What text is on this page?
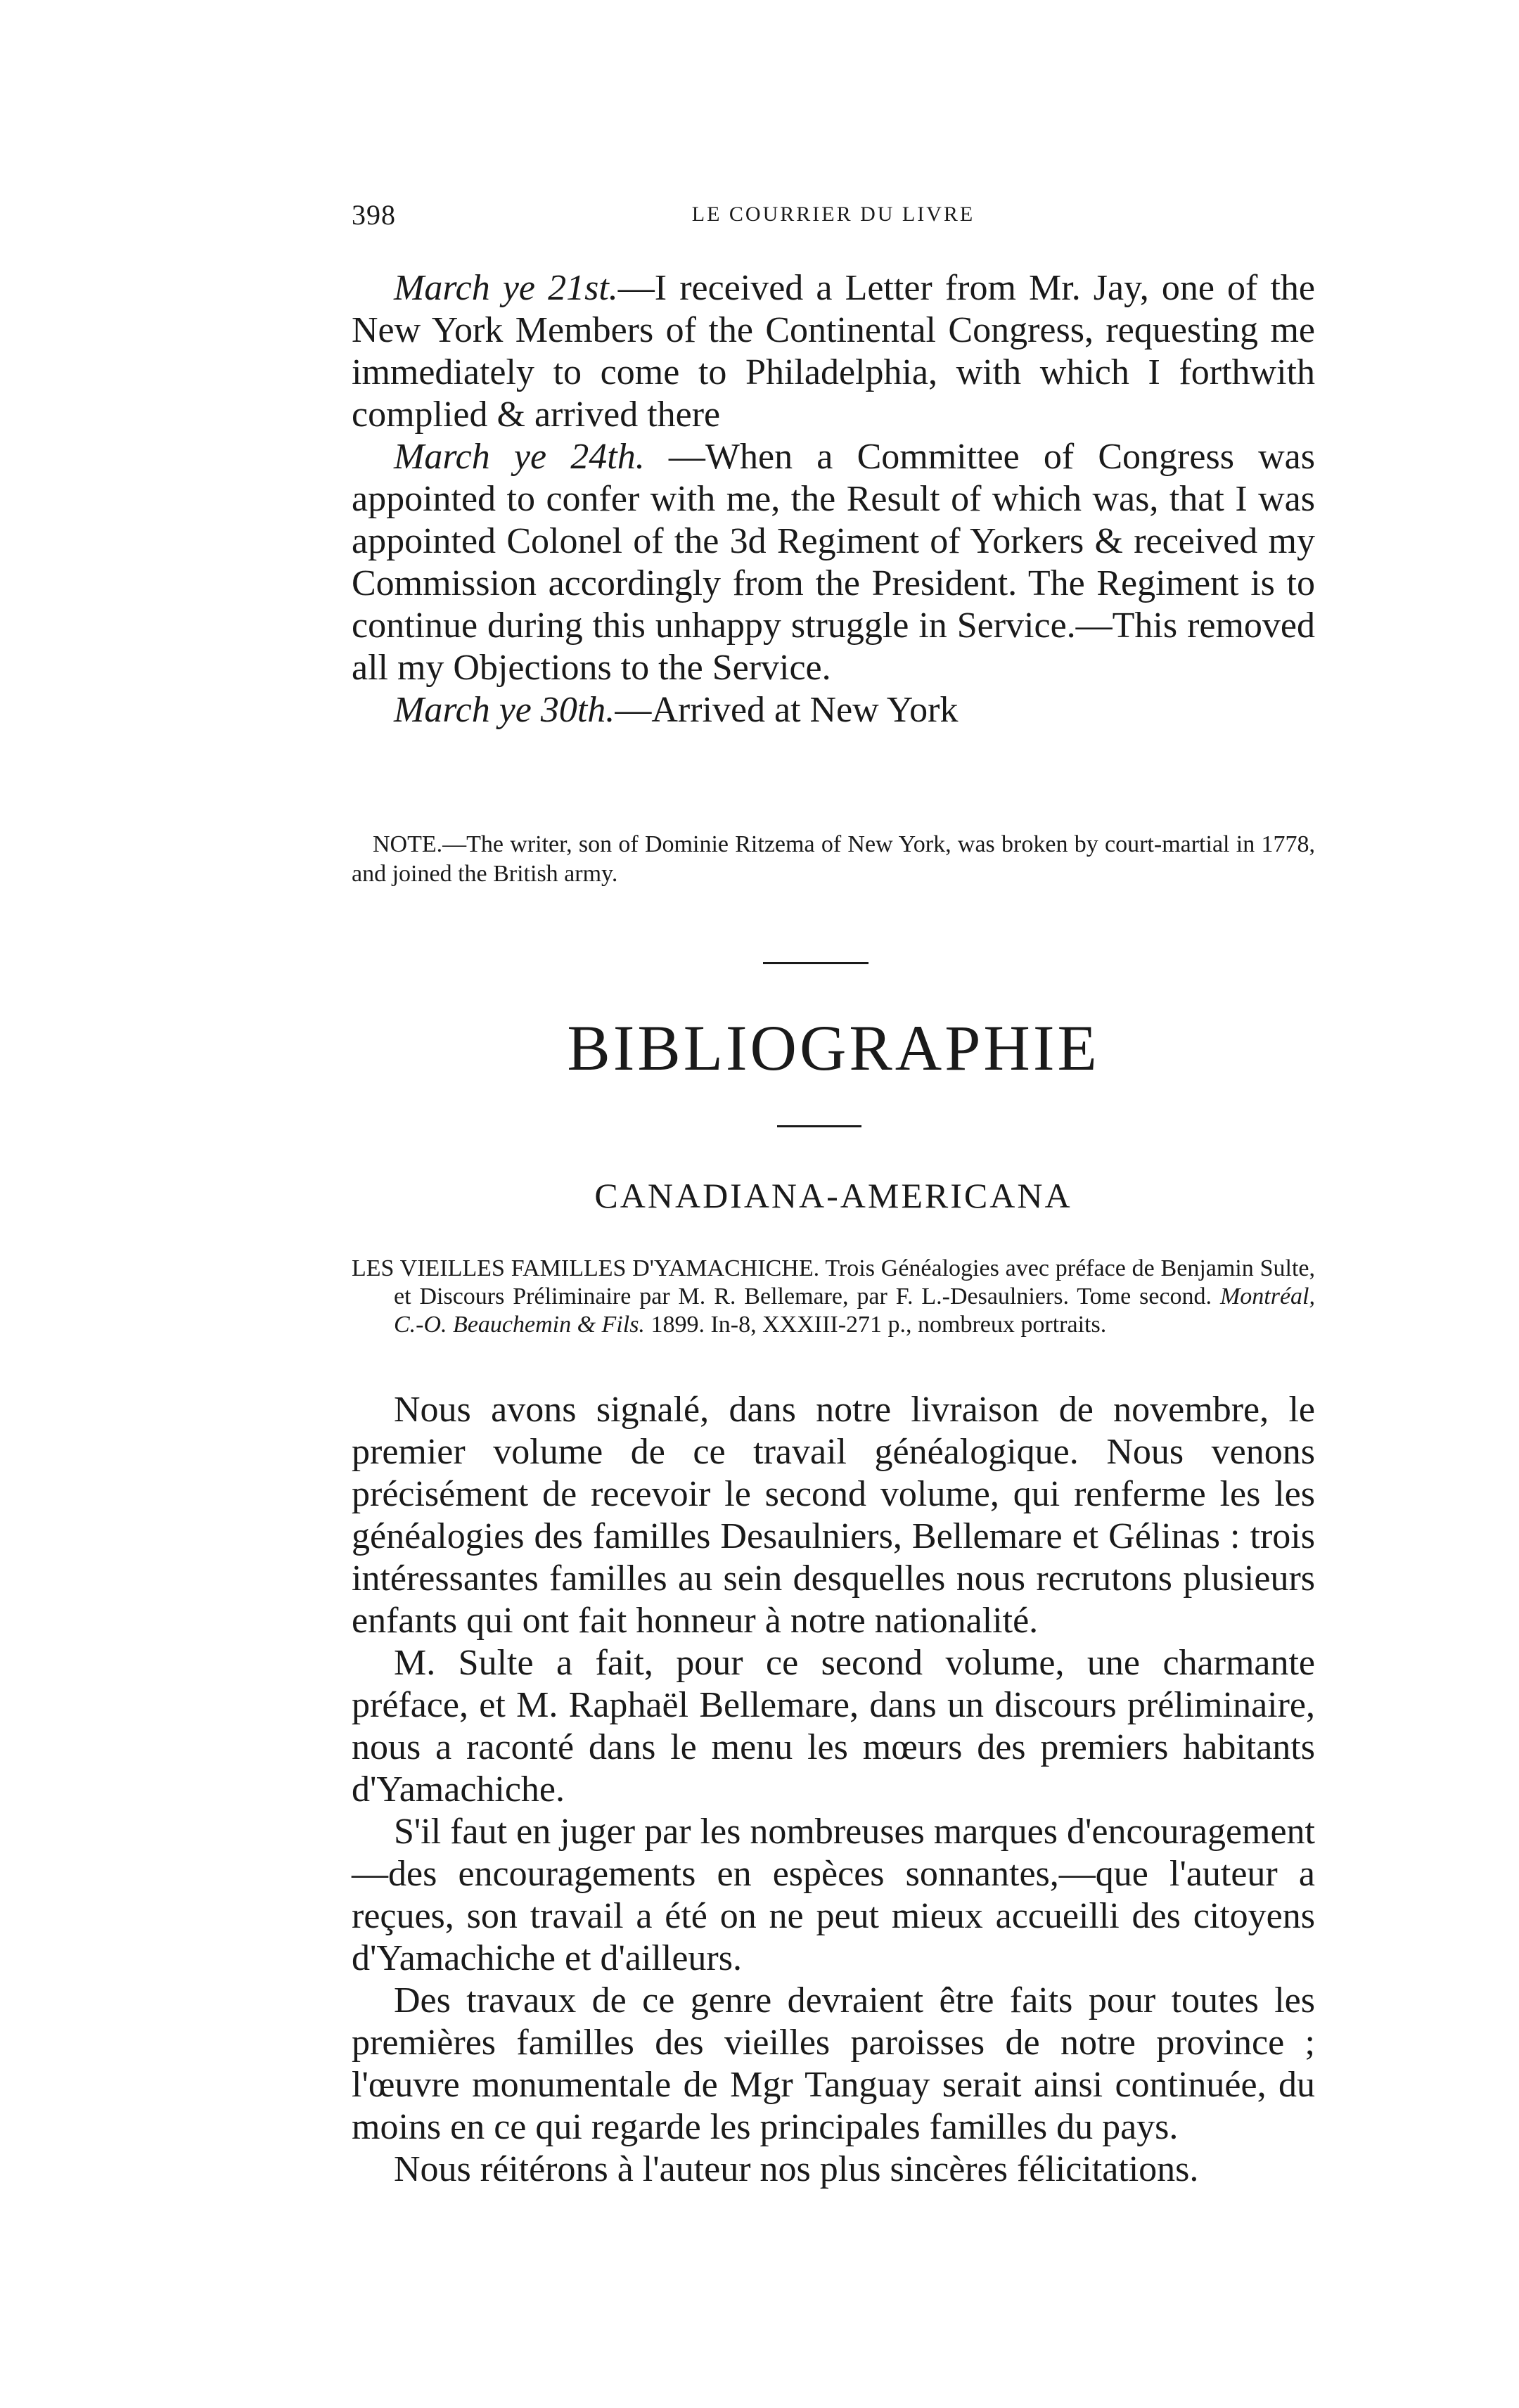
398	LE COURRIER DU LIVRE

March ye 21st.—I received a Letter from Mr. Jay, one of the New York Members of the Continental Congress, requesting me immediately to come to Philadelphia, with which I forthwith complied & arrived there

March ye 24th. —When a Committee of Congress was appointed to confer with me, the Result of which was, that I was appointed Colonel of the 3d Regiment of Yorkers & received my Commission accordingly from the President. The Regiment is to continue during this unhappy struggle in Service.—This removed all my Objections to the Service.

March ye 30th.—Arrived at New York

NOTE.—The writer, son of Dominie Ritzema of New York, was broken by court-martial in 1778, and joined the British army.

BIBLIOGRAPHIE
CANADIANA-AMERICANA

LES VIEILLES FAMILLES D'YAMACHICHE. Trois Généalogies avec préface de Benjamin Sulte, et Discours Préliminaire par M. R. Bellemare, par F. L.-Desaulniers. Tome second. Montréal, C.-O. Beauchemin & Fils. 1899. In-8, XXXIII-271 p., nombreux portraits.

Nous avons signalé, dans notre livraison de novembre, le premier volume de ce travail généalogique. Nous venons précisément de recevoir le second volume, qui renferme les les généalogies des familles Desaulniers, Bellemare et Gélinas : trois intéressantes familles au sein desquelles nous recrutons plusieurs enfants qui ont fait honneur à notre nationalité.

M. Sulte a fait, pour ce second volume, une charmante préface, et M. Raphaël Bellemare, dans un discours préliminaire, nous a raconté dans le menu les mœurs des premiers habitants d'Yamachiche.

S'il faut en juger par les nombreuses marques d'encouragement—des encouragements en espèces sonnantes,—que l'auteur a reçues, son travail a été on ne peut mieux accueilli des citoyens d'Yamachiche et d'ailleurs.

Des travaux de ce genre devraient être faits pour toutes les premières familles des vieilles paroisses de notre province ; l'œuvre monumentale de Mgr Tanguay serait ainsi continuée, du moins en ce qui regarde les principales familles du pays.

Nous réitérons à l'auteur nos plus sincères félicitations.
